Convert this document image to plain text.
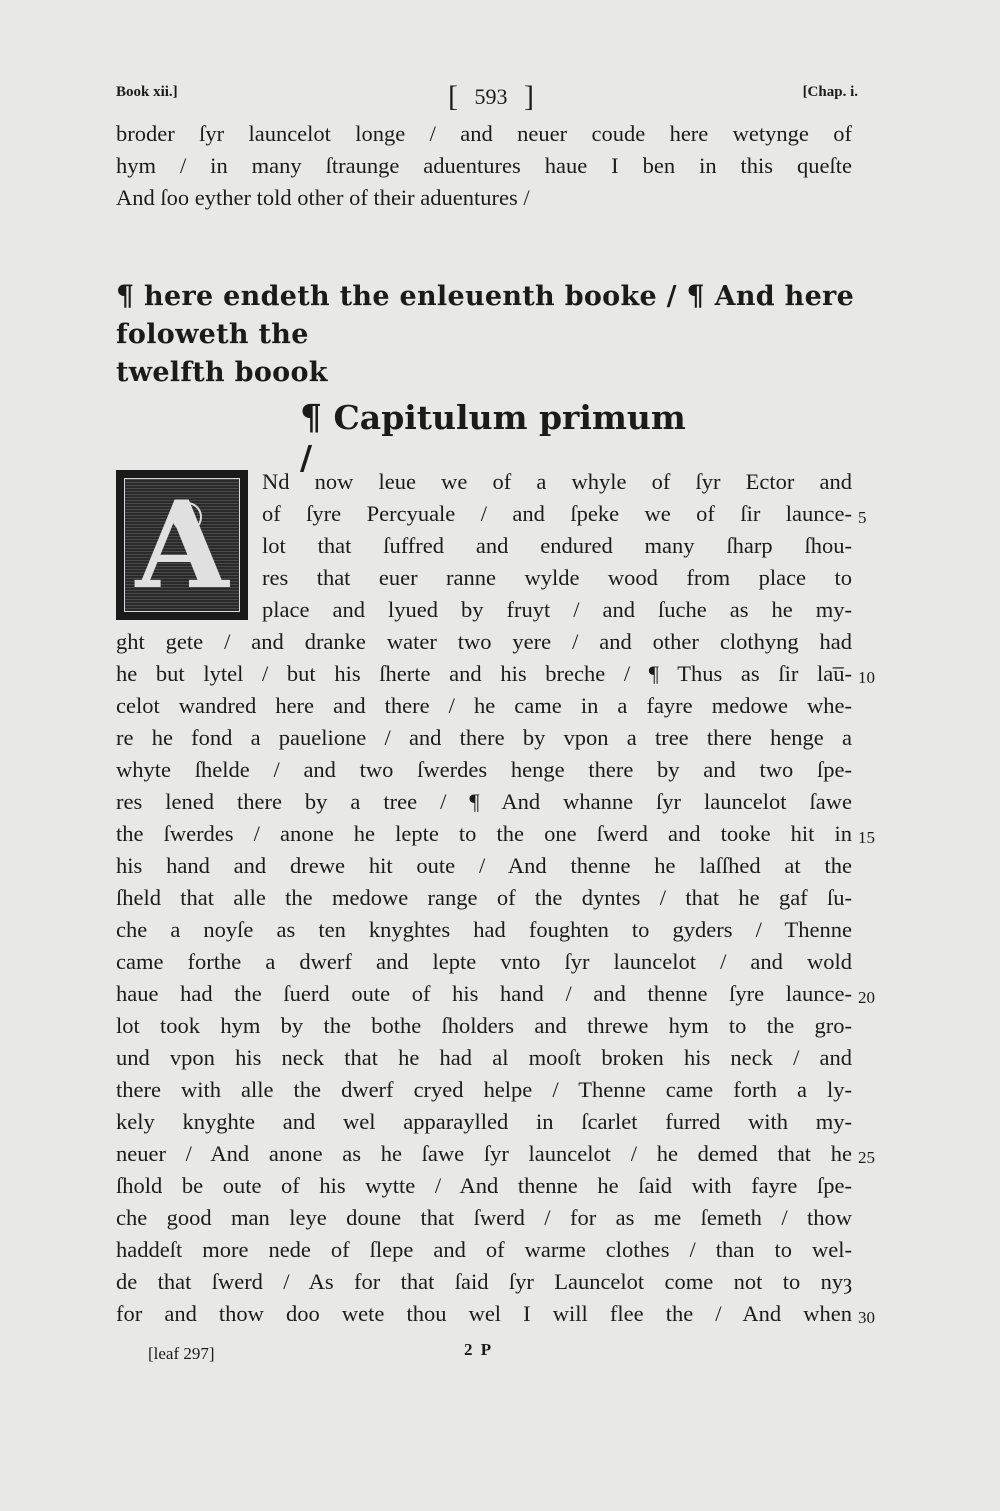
Book xii.]	[ 593 ]	[Chap. i.
broder ſyr launcelot longe / and neuer coude here wetynge of
hym / in many ſtraunge aduentures haue I ben in this queſte
And ſoo eyther told other of their aduentures /
¶ here endeth the enleuenth booke / ¶ And here foloweth the
twelfth boook
¶ Capitulum primum /
A	Nd now leue we of a whyle of ſyr Ector and
of ſyre Percyuale / and ſpeke we of ſir launce-
lot that ſuffred and endured many ſharp ſhou-
res that euer ranne wylde wood from place to
place and lyued by fruyt / and ſuche as he my-
ght gete / and dranke water two yere / and other clothyng had
he but lytel / but his ſherte and his breche / ¶ Thus as ſir lau̅-
celot wandred here and there / he came in a fayre medowe whe-
re he fond a pauelione / and there by vpon a tree there henge a
whyte ſhelde / and two ſwerdes henge there by and two ſpe-
res lened there by a tree / ¶ And whanne ſyr launcelot ſawe
the ſwerdes / anone he lepte to the one ſwerd and tooke hit in
his hand and drewe hit oute / And thenne he laſſhed at the
ſheld that alle the medowe range of the dyntes / that he gaf ſu-
che a noyſe as ten knyghtes had foughten to gyders / Thenne
came forthe a dwerf and lepte vnto ſyr launcelot / and wold
haue had the ſuerd oute of his hand / and thenne ſyre launce-
lot took hym by the bothe ſholders and threwe hym to the gro-
und vpon his neck that he had al mooſt broken his neck / and
there with alle the dwerf cryed helpe / Thenne came forth a ly-
kely knyghte and wel apparaylled in ſcarlet furred with my-
neuer / And anone as he ſawe ſyr launcelot / he demed that he
ſhold be oute of his wytte / And thenne he ſaid with fayre ſpe-
che good man leye doune that ſwerd / for as me ſemeth / thow
haddeſt more nede of ſlepe and of warme clothes / than to wel-
de that ſwerd / As for that ſaid ſyr Launcelot come not to nyȝ
for and thow doo wete thou wel I will flee the / And when
5
10
15
20
25
30
[leaf 297]	2 P
